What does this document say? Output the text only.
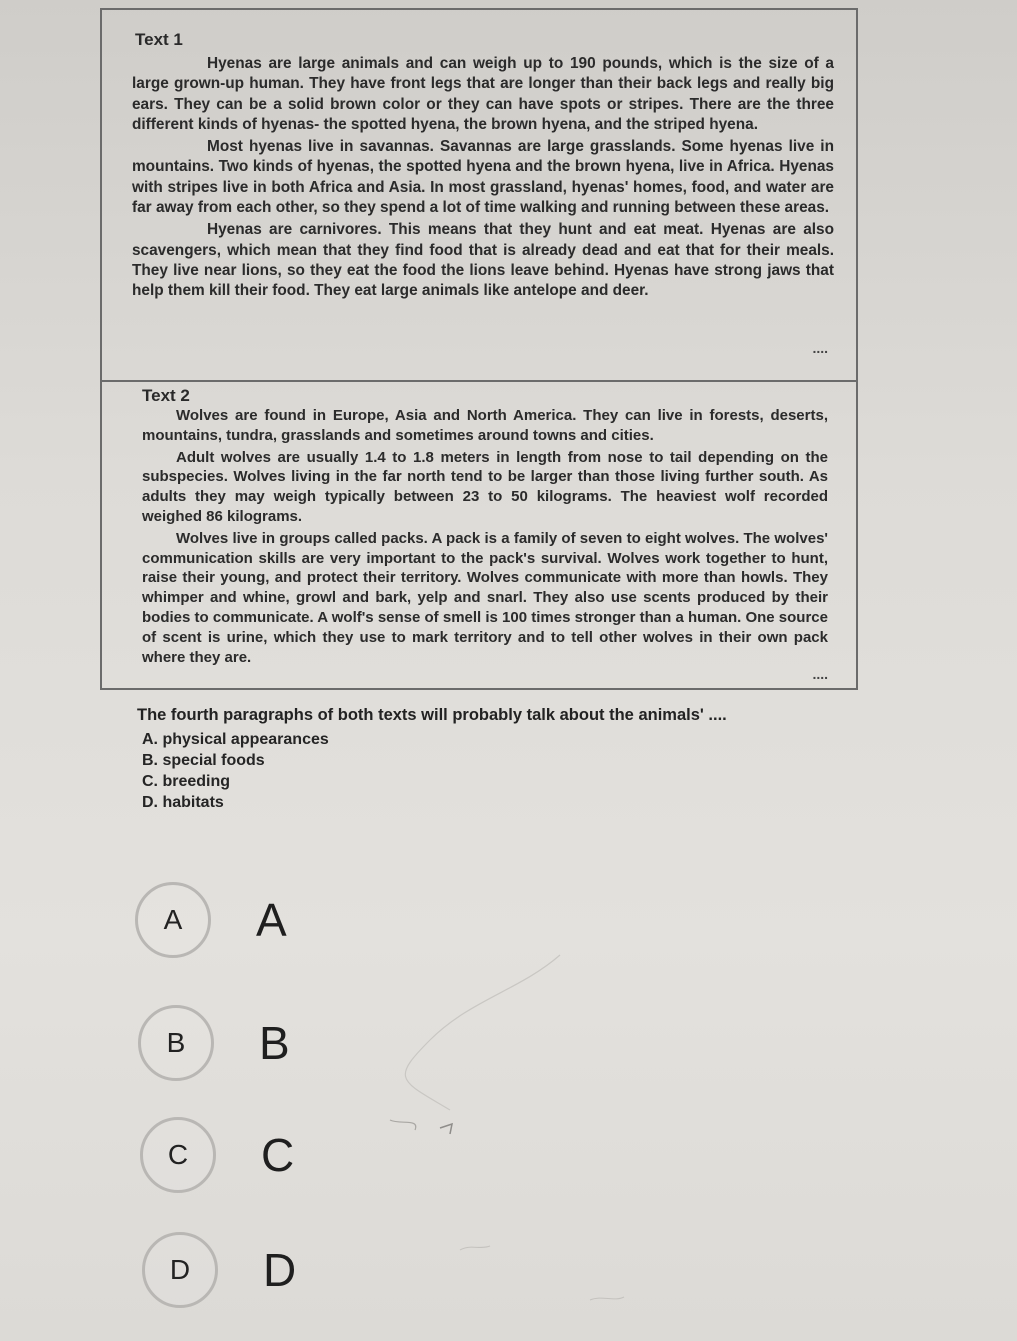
Text 1

Hyenas are large animals and can weigh up to 190 pounds, which is the size of a large grown-up human. They have front legs that are longer than their back legs and really big ears. They can be a solid brown color or they can have spots or stripes. There are the three different kinds of hyenas- the spotted hyena, the brown hyena, and the striped hyena.

Most hyenas live in savannas. Savannas are large grasslands. Some hyenas live in mountains. Two kinds of hyenas, the spotted hyena and the brown hyena, live in Africa. Hyenas with stripes live in both Africa and Asia. In most grassland, hyenas' homes, food, and water are far away from each other, so they spend a lot of time walking and running between these areas.

Hyenas are carnivores. This means that they hunt and eat meat. Hyenas are also scavengers, which mean that they find food that is already dead and eat that for their meals. They live near lions, so they eat the food the lions leave behind. Hyenas have strong jaws that help them kill their food. They eat large animals like antelope and deer.

....
Text 2

Wolves are found in Europe, Asia and North America. They can live in forests, deserts, mountains, tundra, grasslands and sometimes around towns and cities.

Adult wolves are usually 1.4 to 1.8 meters in length from nose to tail depending on the subspecies. Wolves living in the far north tend to be larger than those living further south. As adults they may weigh typically between 23 to 50 kilograms. The heaviest wolf recorded weighed 86 kilograms.

Wolves live in groups called packs. A pack is a family of seven to eight wolves. The wolves' communication skills are very important to the pack's survival. Wolves work together to hunt, raise their young, and protect their territory. Wolves communicate with more than howls. They whimper and whine, growl and bark, yelp and snarl. They also use scents produced by their bodies to communicate. A wolf's sense of smell is 100 times stronger than a human. One source of scent is urine, which they use to mark territory and to tell other wolves in their own pack where they are.

....
The fourth paragraphs of both texts will probably talk about the animals' ....
A. physical appearances
B. special foods
C. breeding
D. habitats
A	A
B	B
C	C
D	D
